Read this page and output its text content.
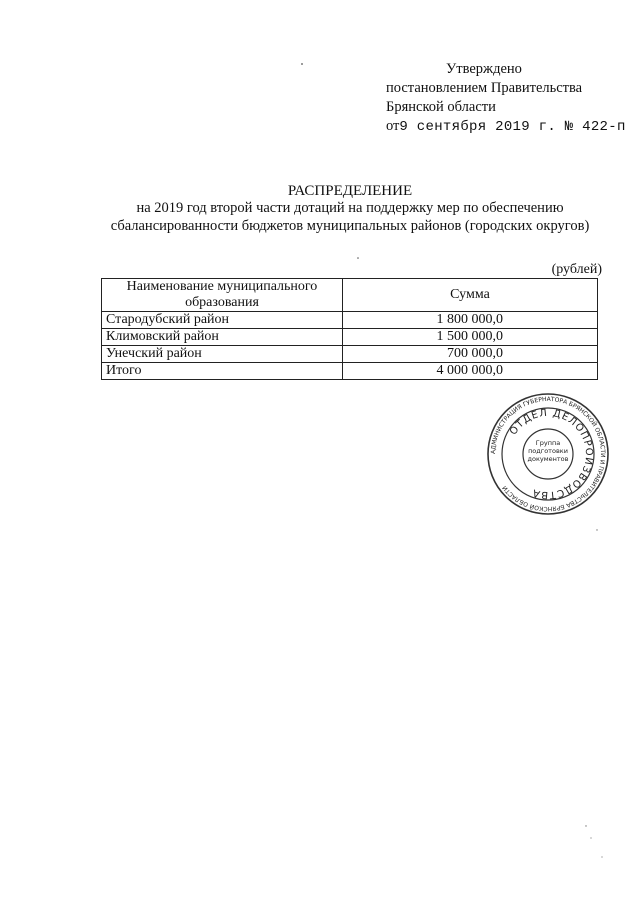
Утверждено
постановлением Правительства
Брянской области
от9 сентября 2019 г. № 422-п
РАСПРЕДЕЛЕНИЕ
на 2019 год второй части дотаций на поддержку мер по обеспечению сбалансированности бюджетов муниципальных районов (городских округов)
(рублей)
Наименование муниципального образования	Сумма
Стародубский район	1 800 000,0
Климовский район	1 500 000,0
Унечский район	700 000,0
Итого	4 000 000,0
АДМИНИСТРАЦИЯ ГУБЕРНАТОРА БРЯНСКОЙ ОБЛАСТИ И ПРАВИТЕЛЬСТВА БРЯНСКОЙ ОБЛАСТИ
ОТДЕЛ ДЕЛОПРОИЗВОДСТВА
Группа подготовки документов
